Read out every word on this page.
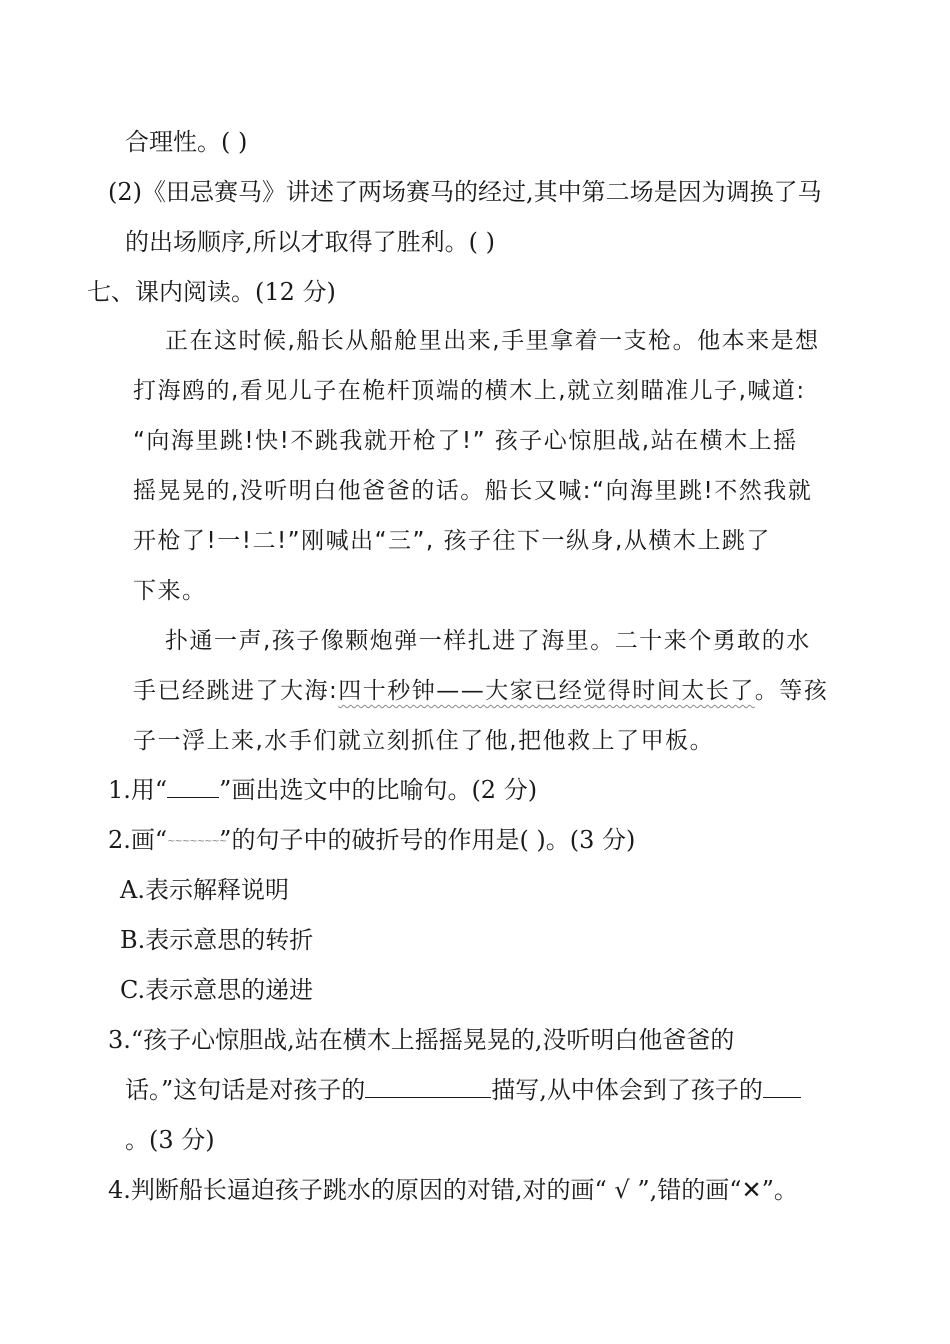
合理性。( )
(2)《田忌赛马》讲述了两场赛马的经过,其中第二场是因为调换了马
的出场顺序,所以才取得了胜利。( )
七、课内阅读。(12 分)
正在这时候,船长从船舱里出来,手里拿着一支枪。他本来是想
打海鸥的,看见儿子在桅杆顶端的横木上,就立刻瞄准儿子,喊道:
“向海里跳!快!不跳我就开枪了!” 孩子心惊胆战,站在横木上摇
摇晃晃的,没听明白他爸爸的话。船长又喊:“向海里跳!不然我就
开枪了!一!二!”刚喊出“三”, 孩子往下一纵身,从横木上跳了
下来。
扑通一声,孩子像颗炮弹一样扎进了海里。二十来个勇敢的水
手已经跳进了大海:四十秒钟——大家已经觉得时间太长了。等孩
子一浮上来,水手们就立刻抓住了他,把他救上了甲板。
1.用“ ”画出选文中的比喻句。(2 分)
2.画“~~~~~~~~ ”的句子中的破折号的作用是( )。(3 分)
A.表示解释说明
B.表示意思的转折
C.表示意思的递进
3.“孩子心惊胆战,站在横木上摇摇晃晃的,没听明白他爸爸的
话。”这句话是对孩子的	描写,从中体会到了孩子的
。(3 分)
4.判断船长逼迫孩子跳水的原因的对错,对的画“ √ ”,错的画“✕”。
